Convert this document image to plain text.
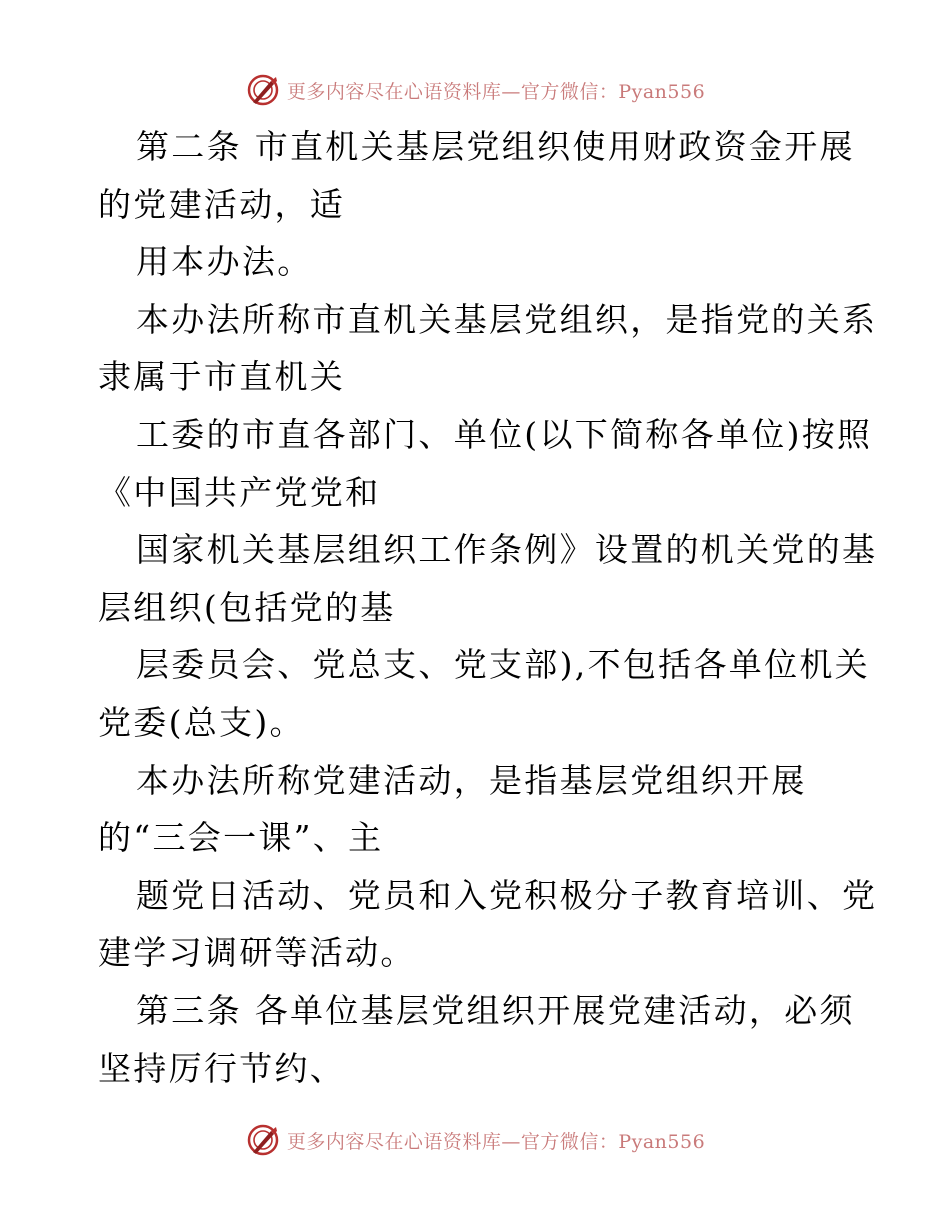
更多内容尽在心语资料库—官方微信：Pyan556
第二条 市直机关基层党组织使用财政资金开展
的党建活动，适
用本办法。
本办法所称市直机关基层党组织，是指党的关系
隶属于市直机关
工委的市直各部门、单位(以下简称各单位)按照
《中国共产党党和
国家机关基层组织工作条例》设置的机关党的基
层组织(包括党的基
层委员会、党总支、党支部),不包括各单位机关
党委(总支)。
本办法所称党建活动，是指基层党组织开展
的“三会一课”、主
题党日活动、党员和入党积极分子教育培训、党
建学习调研等活动。
第三条 各单位基层党组织开展党建活动，必须
坚持厉行节约、
更多内容尽在心语资料库—官方微信：Pyan556
